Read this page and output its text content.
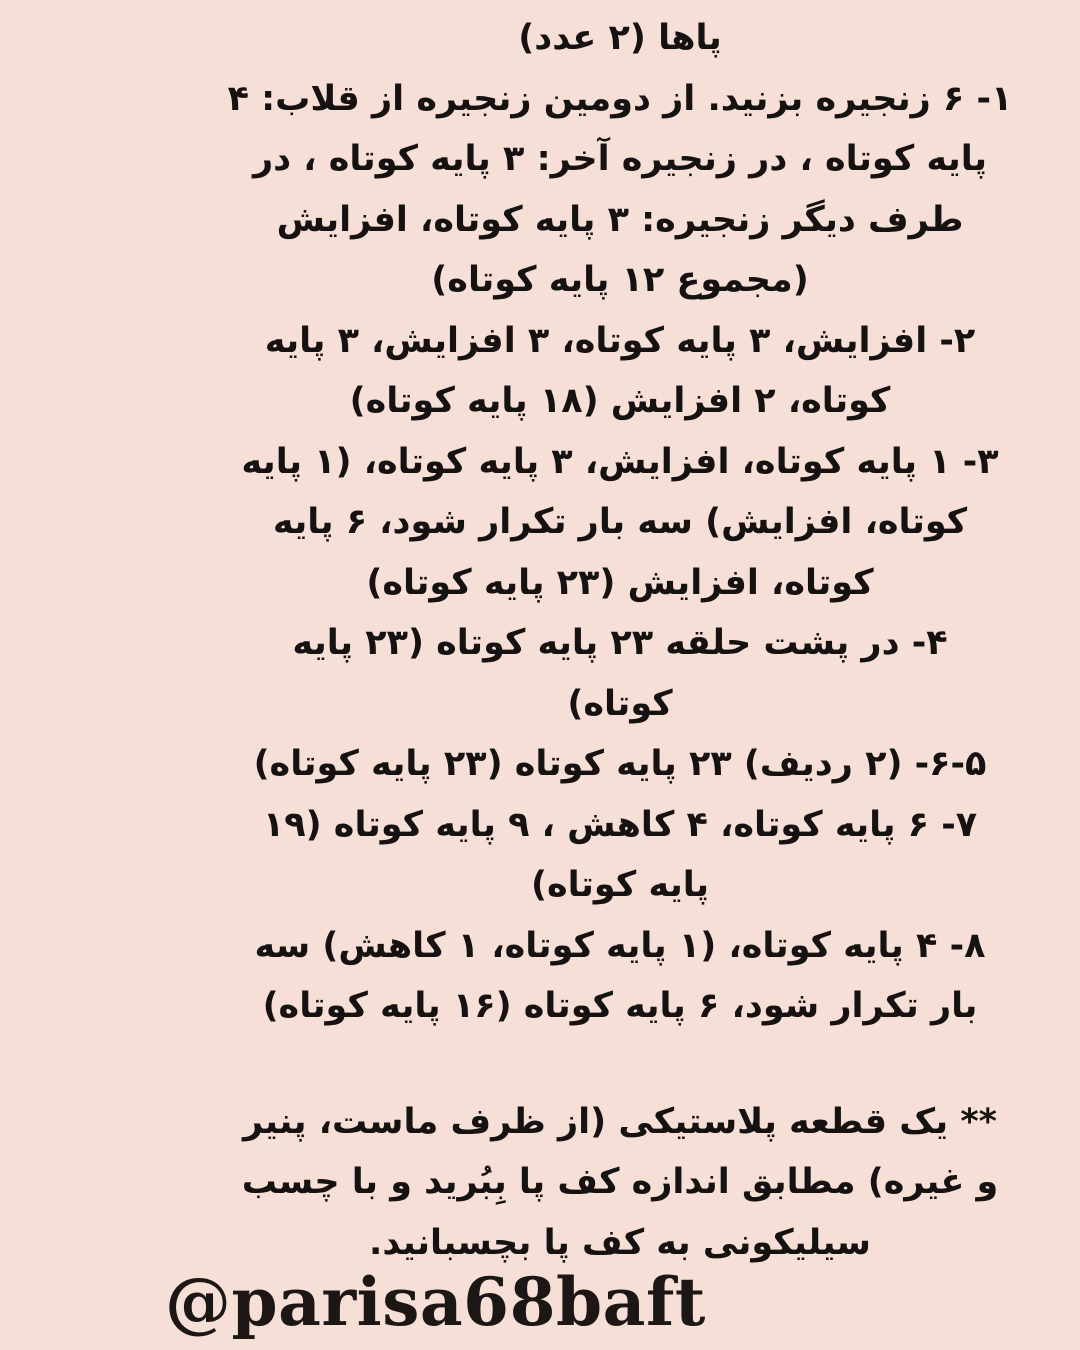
پاها (۲ عدد)

۱- ۶ زنجیره بزنید. از دومین زنجیره از قلاب: ۴

پایه کوتاه ، در زنجیره آخر: ۳ پایه کوتاه ، در

طرف دیگر زنجیره: ۳ پایه کوتاه، افزایش

(مجموع ۱۲ پایه کوتاه)

۲- افزایش، ۳ پایه کوتاه، ۳ افزایش، ۳ پایه

کوتاه، ۲ افزایش (۱۸ پایه کوتاه)

۳- ۱ پایه کوتاه، افزایش، ۳ پایه کوتاه، (۱ پایه

کوتاه، افزایش) سه بار تکرار شود، ۶ پایه

کوتاه، افزایش (۲۳ پایه کوتاه)

۴- در پشت حلقه ۲۳ پایه کوتاه (۲۳ پایه

کوتاه)

۶-۵- (۲ ردیف) ۲۳ پایه کوتاه (۲۳ پایه کوتاه)

۷- ۶ پایه کوتاه، ۴ کاهش ، ۹ پایه کوتاه (۱۹

پایه کوتاه)

۸- ۴ پایه کوتاه، (۱ پایه کوتاه، ۱ کاهش) سه

بار تکرار شود، ۶ پایه کوتاه (۱۶ پایه کوتاه)

** یک قطعه پلاستیکی (از ظرف ماست، پنیر

و غیره) مطابق اندازه کف پا بِبُرید و با چسب

سیلیکونی به کف پا بچسبانید.

@parisa68baft
